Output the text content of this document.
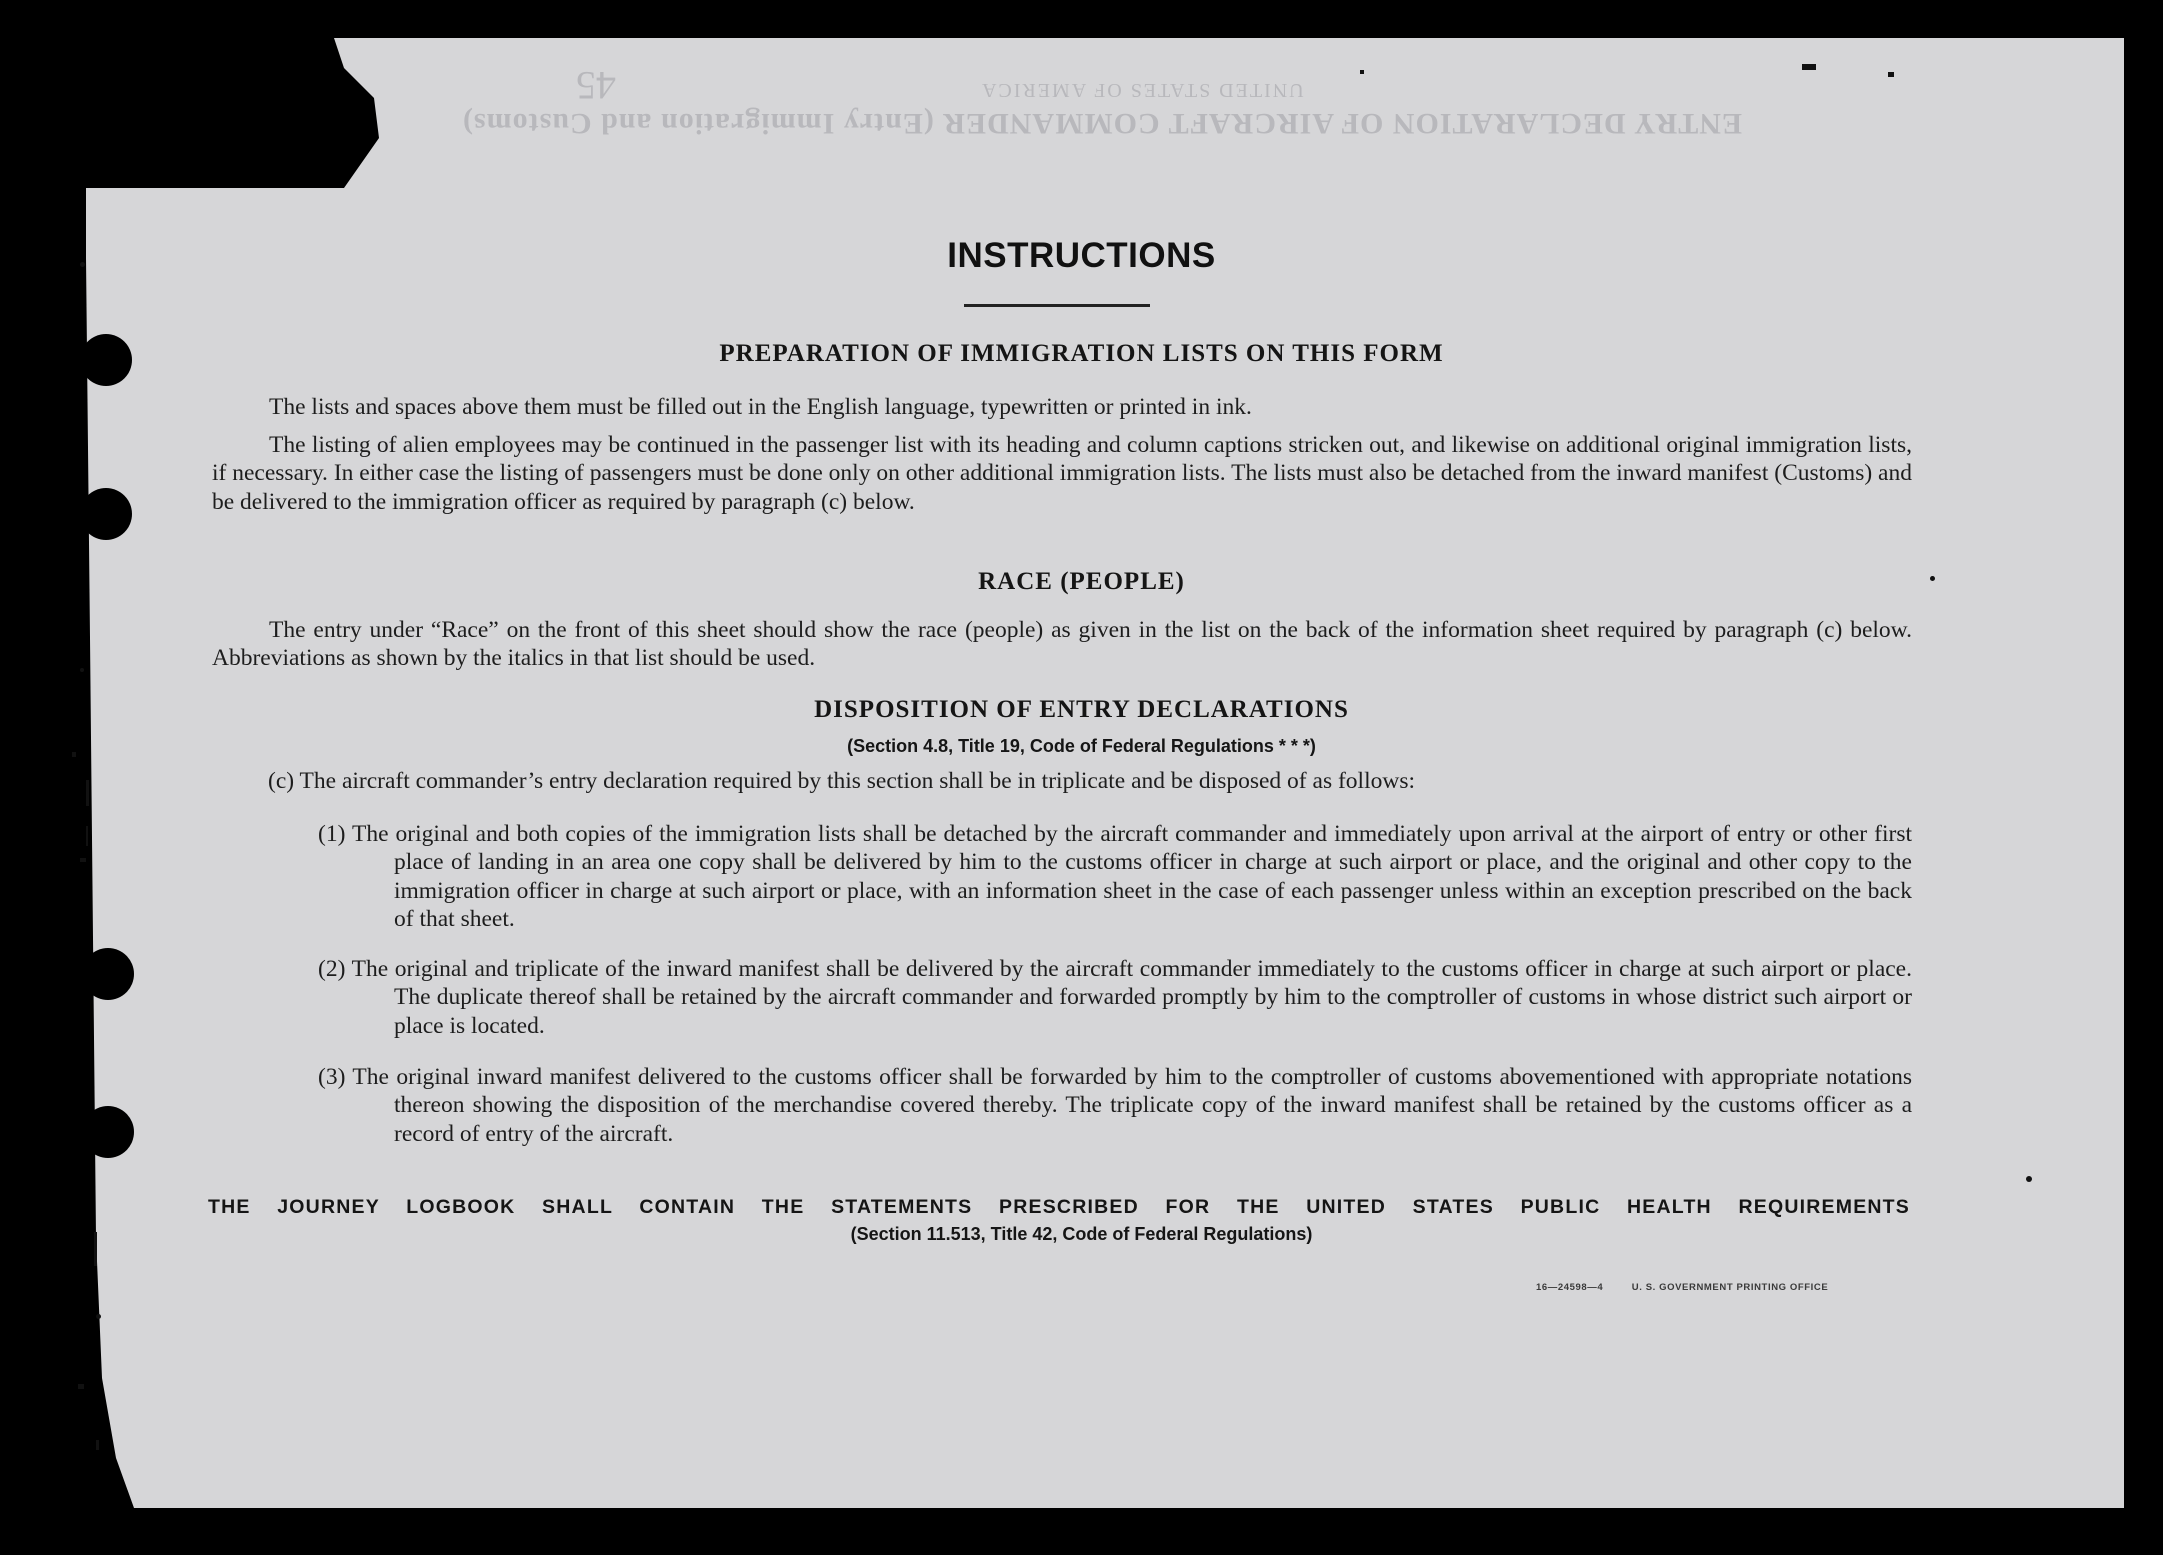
UNITED STATES OF AMERICA
ENTRY DECLARATION OF AIRCRAFT COMMANDER (Entry Immigration and Customs)
45
INSTRUCTIONS
PREPARATION OF IMMIGRATION LISTS ON THIS FORM
The lists and spaces above them must be filled out in the English language, typewritten or printed in ink.
The listing of alien employees may be continued in the passenger list with its heading and column captions stricken out, and likewise on additional original immigration lists, if necessary. In either case the listing of passengers must be done only on other additional immigration lists. The lists must also be detached from the inward manifest (Customs) and be delivered to the immigration officer as required by paragraph (c) below.
RACE (PEOPLE)
The entry under “Race” on the front of this sheet should show the race (people) as given in the list on the back of the information sheet required by paragraph (c) below. Abbreviations as shown by the italics in that list should be used.
DISPOSITION OF ENTRY DECLARATIONS
(Section 4.8, Title 19, Code of Federal Regulations * * *)
(c) The aircraft commander’s entry declaration required by this section shall be in triplicate and be disposed of as follows:
(1) The original and both copies of the immigration lists shall be detached by the aircraft commander and immediately upon arrival at the airport of entry or other first place of landing in an area one copy shall be delivered by him to the customs officer in charge at such airport or place, and the original and other copy to the immigration officer in charge at such airport or place, with an information sheet in the case of each passenger unless within an exception prescribed on the back of that sheet.
(2) The original and triplicate of the inward manifest shall be delivered by the aircraft commander immediately to the customs officer in charge at such airport or place. The duplicate thereof shall be retained by the aircraft commander and forwarded promptly by him to the comptroller of customs in whose district such airport or place is located.
(3) The original inward manifest delivered to the customs officer shall be forwarded by him to the comptroller of customs abovementioned with appropriate notations thereon showing the disposition of the merchandise covered thereby. The triplicate copy of the inward manifest shall be retained by the customs officer as a record of entry of the aircraft.
THE JOURNEY LOGBOOK SHALL CONTAIN THE STATEMENTS PRESCRIBED FOR THE UNITED STATES PUBLIC HEALTH REQUIREMENTS
(Section 11.513, Title 42, Code of Federal Regulations)
16—24598—4	U. S. GOVERNMENT PRINTING OFFICE
